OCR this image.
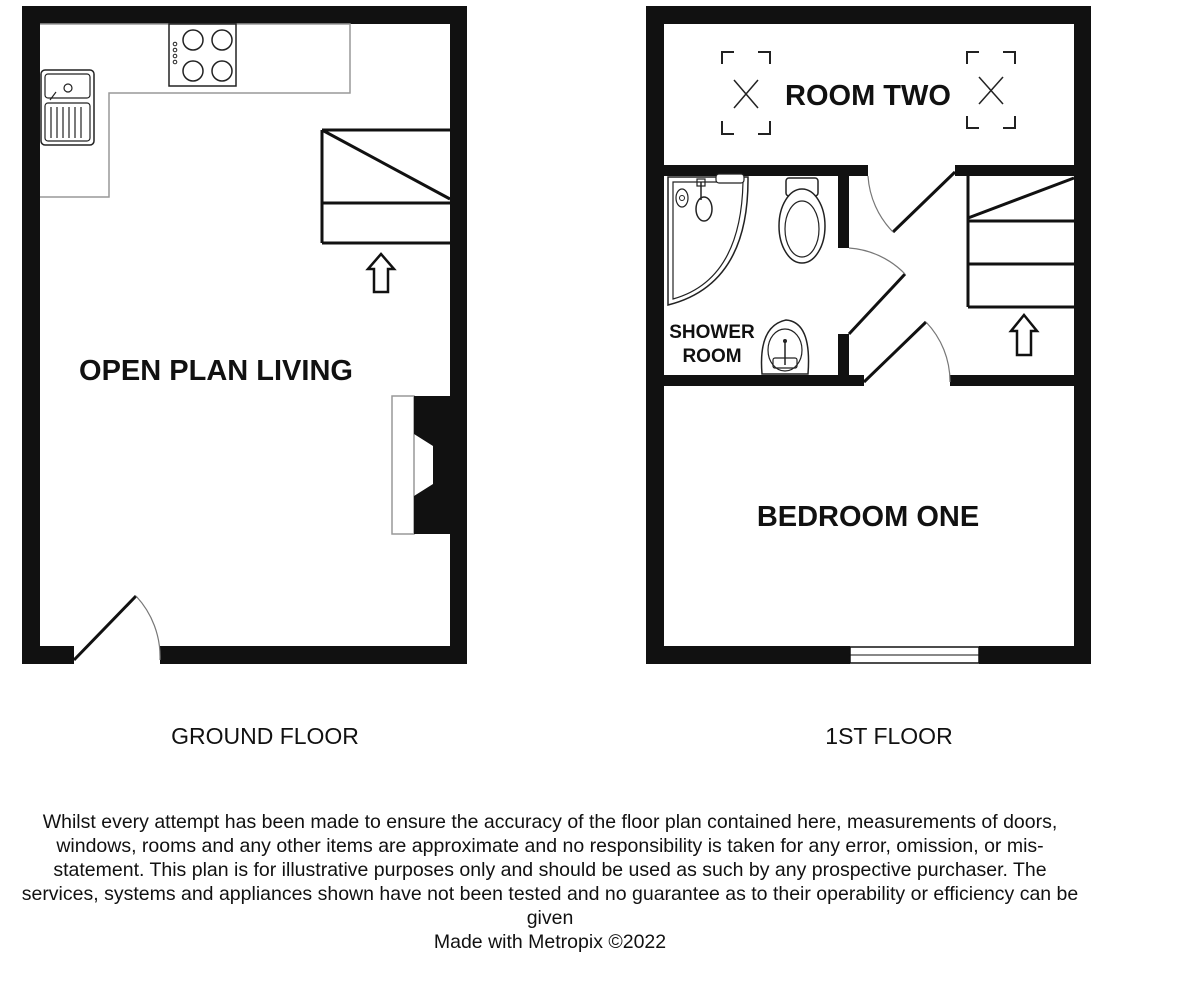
OPEN PLAN LIVING
GROUND FLOOR
ROOM TWO
SHOWER
ROOM
BEDROOM ONE
1ST FLOOR

Whilst every attempt has been made to ensure the accuracy of the floor plan contained here, measurements of doors, windows, rooms and any other items are approximate and no responsibility is taken for any error, omission, or mis-statement. This plan is for illustrative purposes only and should be used as such by any prospective purchaser. The services, systems and appliances shown have not been tested and no guarantee as to their operability or efficiency can be given

Made with Metropix ©2022
